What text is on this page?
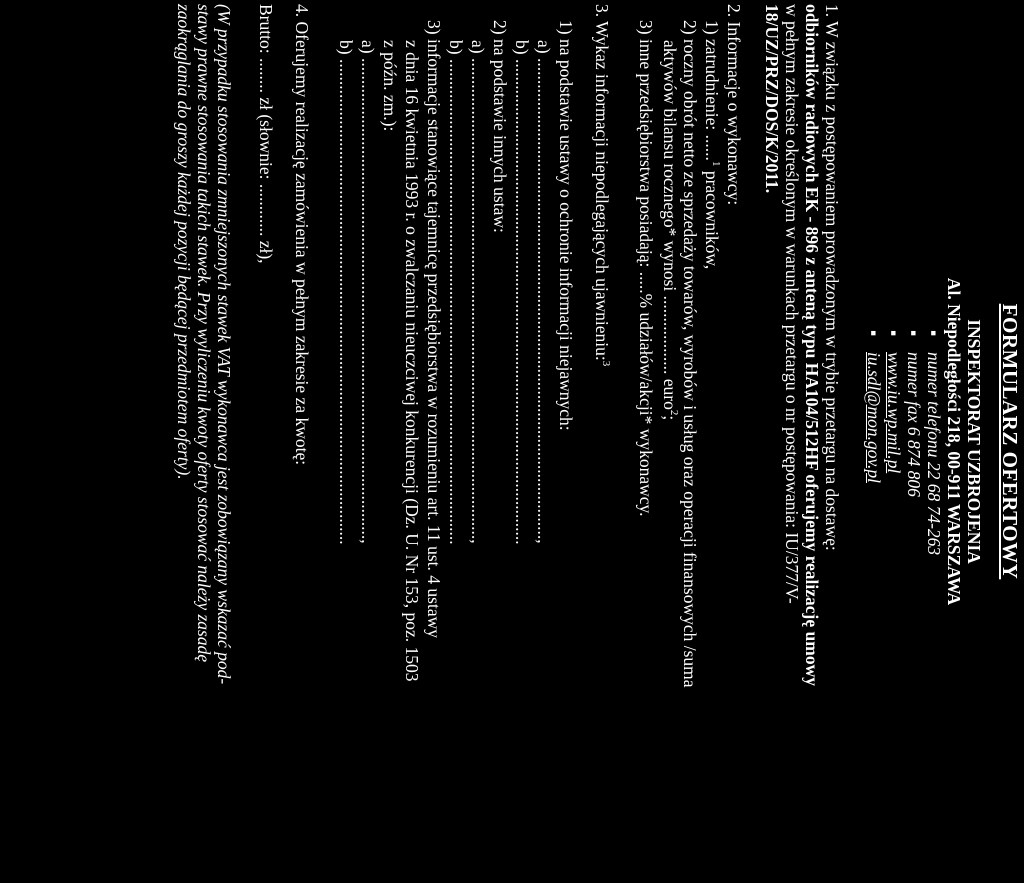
FORMULARZ OFERTOWY
INSPEKTORAT UZBROJENIA
Al. Niepodległości 218, 00-911 WARSZAWA
▪ numer telefonu 22 68 74-263
▪ numer fax 6 874 806
▪ www.iu.wp.mil.pl
▪ iu.sdl@mon.gov.pl
1. W związku z postępowaniem prowadzonym w trybie przetargu na dostawę:
odbiorników radiowych EK - 896 z anteną typu HA104/512HF oferujemy realizację umowy
w pełnym zakresie określonym w warunkach przetargu o nr postępowania: IU/377/V-
18/UZ/PRZ/DOS/K/2011.
2. Informacje o wykonawcy:
1) zatrudnienie: ......$^1$ pracowników,
2) roczny obrót netto ze sprzedaży towarów, wyrobów i usług oraz operacji finansowych /suma
aktywów bilansu rocznego* wynosi .................. euro$^2$;
3) inne przedsiębiorstwa posiadają: .....% udziałów/akcji* wykonawcy.
3. Wykaz informacji niepodlegających ujawnieniu:$^3$
1) na podstawie ustawy o ochronie informacji niejawnych:
a) ..............................................................................................................,
b) ...............................................................................................................
2) na podstawie innych ustaw:
a) ..............................................................................................................,
b) ...............................................................................................................
3) informacje stanowiące tajemnicę przedsiębiorstwa w rozumieniu art. 11 ust. 4 ustawy
z dnia 16 kwietnia 1993 r. o zwalczaniu nieuczciwej konkurencji (Dz. U. Nr 153, poz. 1503
z późn. zm.):
a) ..............................................................................................................,
b) ...............................................................................................................
4. Oferujemy realizację zamówienia w pełnym zakresie za kwotę:
Brutto: ........ zł (słownie: ............ zł),
(W przypadku stosowania zmniejszonych stawek VAT wykonawca jest zobowiązany wskazać pod-
stawy prawne stosowania takich stawek. Przy wyliczeniu kwoty oferty stosować należy zasadę
zaokrąglania do groszy każdej pozycji będącej przedmiotem oferty).
